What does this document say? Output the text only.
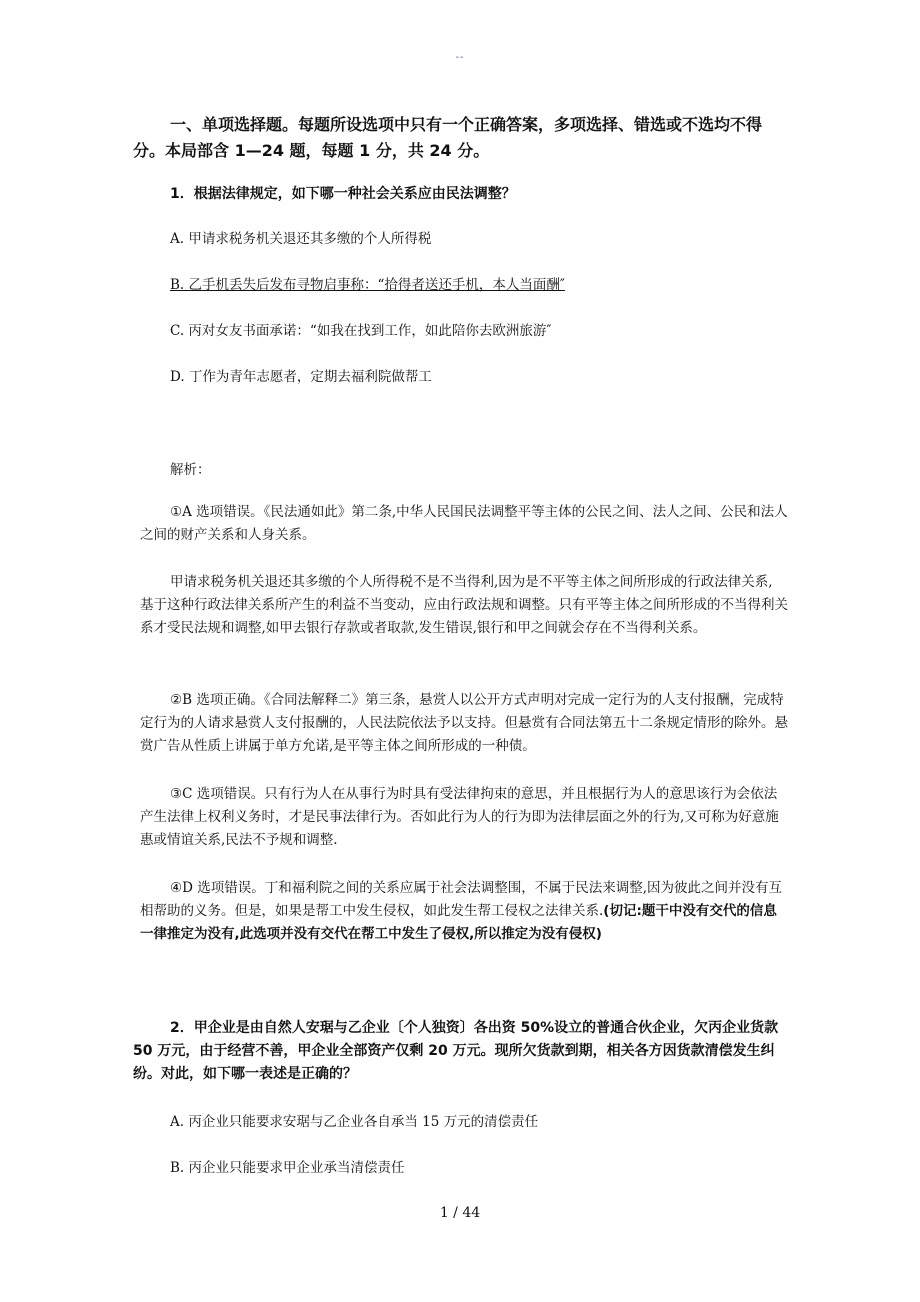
--
一、单项选择题。每题所设选项中只有一个正确答案，多项选择、错选或不选均不得分。本局部含 1—24 题，每题 1 分，共 24 分。
1．根据法律规定，如下哪一种社会关系应由民法调整？
A. 甲请求税务机关退还其多缴的个人所得税
B. 乙手机丢失后发布寻物启事称：“拾得者送还手机，本人当面酬″
C. 丙对女友书面承诺：“如我在找到工作，如此陪你去欧洲旅游″
D. 丁作为青年志愿者，定期去福利院做帮工
解析：
①A 选项错误。《民法通如此》第二条,中华人民国民法调整平等主体的公民之间、法人之间、公民和法人之间的财产关系和人身关系。
甲请求税务机关退还其多缴的个人所得税不是不当得利,因为是不平等主体之间所形成的行政法律关系, 基于这种行政法律关系所产生的利益不当变动，应由行政法规和调整。只有平等主体之间所形成的不当得利关系才受民法规和调整,如甲去银行存款或者取款,发生错误,银行和甲之间就会存在不当得利关系。
②B 选项正确。《合同法解释二》第三条，悬赏人以公开方式声明对完成一定行为的人支付报酬，完成特定行为的人请求悬赏人支付报酬的，人民法院依法予以支持。但悬赏有合同法第五十二条规定情形的除外。悬赏广告从性质上讲属于单方允诺,是平等主体之间所形成的一种债。
③C 选项错误。只有行为人在从事行为时具有受法律拘束的意思，并且根据行为人的意思该行为会依法产生法律上权利义务时，才是民事法律行为。否如此行为人的行为即为法律层面之外的行为,又可称为好意施惠或情谊关系,民法不予规和调整.
④D 选项错误。丁和福利院之间的关系应属于社会法调整围，不属于民法来调整,因为彼此之间并没有互相帮助的义务。但是，如果是帮工中发生侵权，如此发生帮工侵权之法律关系.(切记:题干中没有交代的信息一律推定为没有,此选项并没有交代在帮工中发生了侵权,所以推定为没有侵权)
2．甲企业是由自然人安琚与乙企业〔个人独资〕各出资 50%设立的普通合伙企业，欠丙企业货款 50 万元，由于经营不善，甲企业全部资产仅剩 20 万元。现所欠货款到期，相关各方因货款清偿发生纠纷。对此，如下哪一表述是正确的？
A. 丙企业只能要求安琚与乙企业各自承当 15 万元的清偿责任
B. 丙企业只能要求甲企业承当清偿责任
1 / 44
